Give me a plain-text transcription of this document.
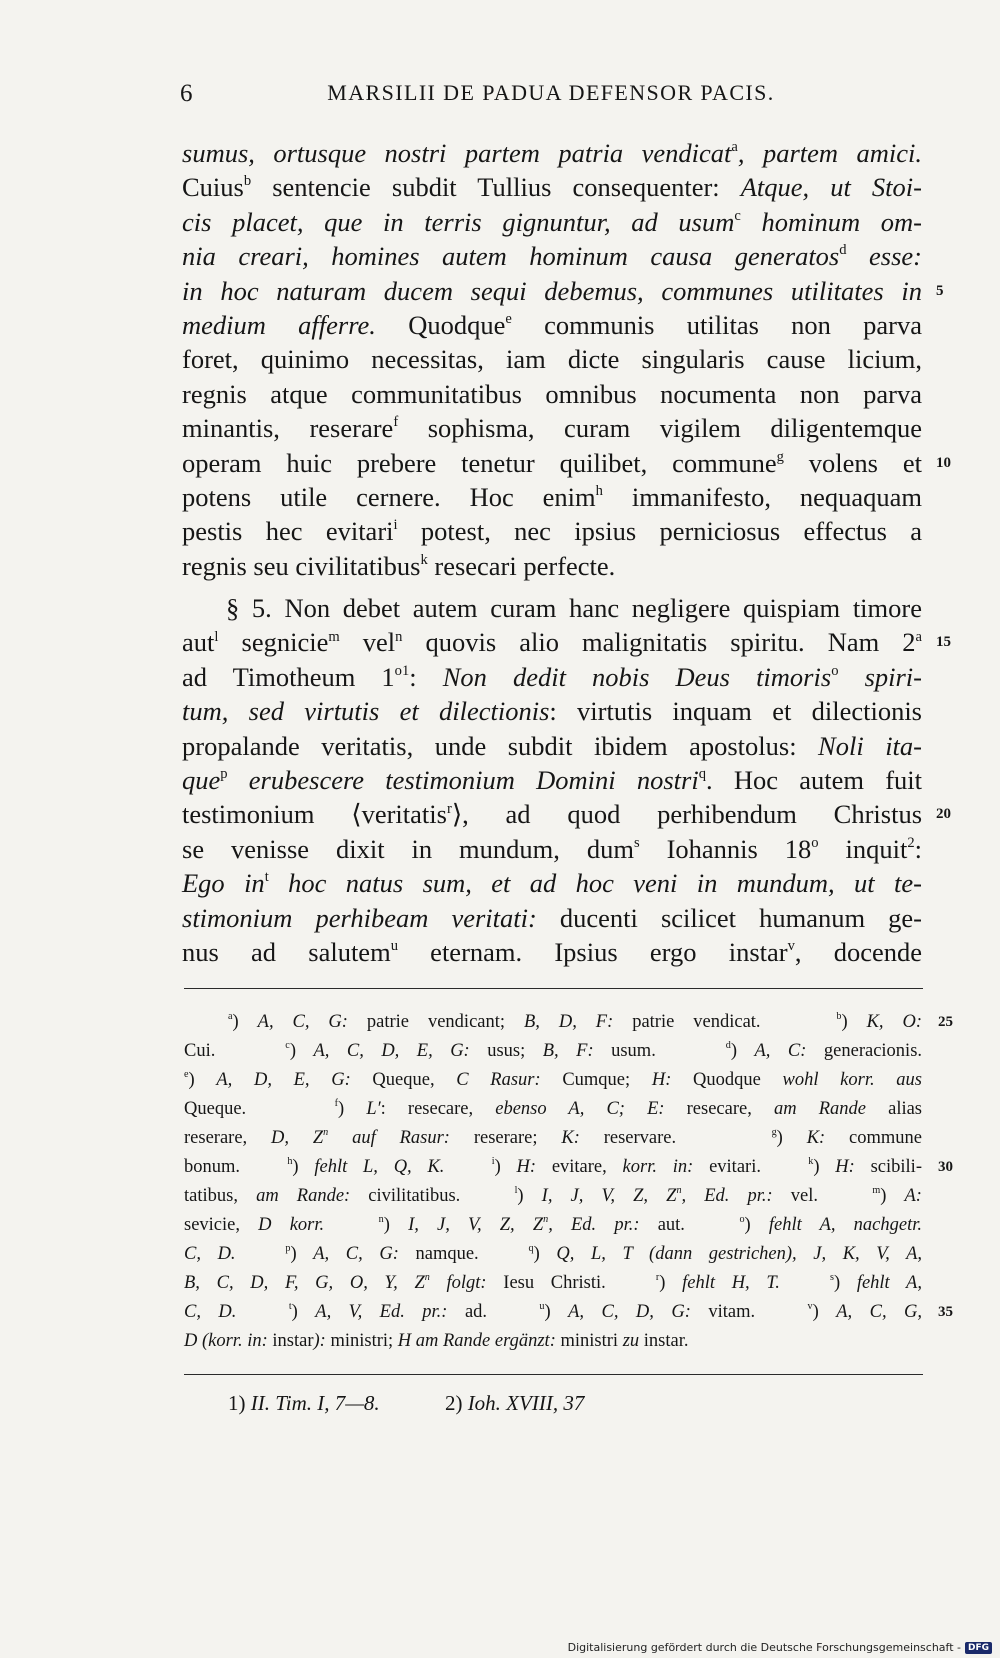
6	MARSILII DE PADUA DEFENSOR PACIS.
sumus, ortusque nostri partem patria vendicat$^a$, partem amici.
Cuius$^b$ sentencie subdit Tullius consequenter: Atque, ut Stoi-
cis placet, que in terris gignuntur, ad usum$^c$ hominum om-
nia creari, homines autem hominum causa generatos$^d$ esse:
in hoc naturam ducem sequi debemus, communes utilitates in 5
medium afferre. Quodque$^e$ communis utilitas non parva
foret, quinimo necessitas, iam dicte singularis cause licium,
regnis atque communitatibus omnibus nocumenta non parva
minantis, reserare$^f$ sophisma, curam vigilem diligentemque
operam huic prebere tenetur quilibet, commune$^g$ volens et 10
potens utile cernere. Hoc enim$^h$ immanifesto, nequaquam
pestis hec evitari$^i$ potest, nec ipsius perniciosus effectus a
regnis seu civilitatibus$^k$ resecari perfecte.
§ 5. Non debet autem curam hanc negligere quispiam timore
aut$^l$ segnicie$^m$ vel$^n$ quovis alio malignitatis spiritu. Nam 2$^a$ 15
ad Timotheum $1^{o1}$: Non dedit nobis Deus timoris$^o$ spiri-
tum, sed virtutis et dilectionis: virtutis inquam et dilectionis
propalande veritatis, unde subdit ibidem apostolus: Noli ita-
que$^p$ erubescere testimonium Domini nostri$^q$. Hoc autem fuit
testimonium ⟨veritatis$^r$⟩, ad quod perhibendum Christus 20
se venisse dixit in mundum, dum$^s$ Iohannis 18$^o$ inquit$^2$:
Ego $in^t$ hoc natus sum, et ad hoc veni in mundum, ut te-
stimonium perhibeam veritati: ducenti scilicet humanum ge-
nus ad salutem$^u$ eternam. Ipsius ergo instar$^v$, docende
$^a$) A, C, G: patrie vendicant; B, D, F: patrie vendicat.    $^b$) K, O: 25
Cui.    $^c$) A, C, D, E, G: usus; B, F: usum.    $^d$) A, C: generacionis.
$^e$) A, D, E, G: Queque, C Rasur: Cumque; H: Quodque wohl korr. aus
Queque.    $^f$) L′: resecare, ebenso A, C; E: resecare, am Rande alias
reserare, D, $Z^n$ auf Rasur: reserare; K: reservare.    $^g$) K: commune
bonum.   $^h$) fehlt L, Q, K.	$^i$) H: evitare, korr. in: evitari.   $^k$) H: scibili- 30
tatibus, am Rande: civilitatibus.   $^l$) I, J, V, Z, $Z^n$, Ed. pr.: vel.   $^m$) A:
sevicie, D korr.	$^n$) I, J, V, Z, $Z^n$, Ed. pr.: aut.   $^o$) fehlt A, nachgetr.
C, D.	$^p$) A, C, G: namque.   $^q$) Q, L, T (dann gestrichen), J, K, V, A,
B, C, D, F, G, O, Y, $Z^n$ folgt: Iesu Christi.   $^r$) fehlt H, T.	$^s$) fehlt A,
C, D.	$^t$) A, V, Ed. pr.: ad.   $^u$) A, C, D, G: vitam.   $^v$) A, C, G, 35
D (korr. in: instar): ministri; H am Rande ergänzt: ministri zu instar.
1) II. Tim. I, 7—8.	2) Ioh. XVIII, 37
Digitalisierung gefördert durch die Deutsche Forschungsgemeinschaft - DFG
